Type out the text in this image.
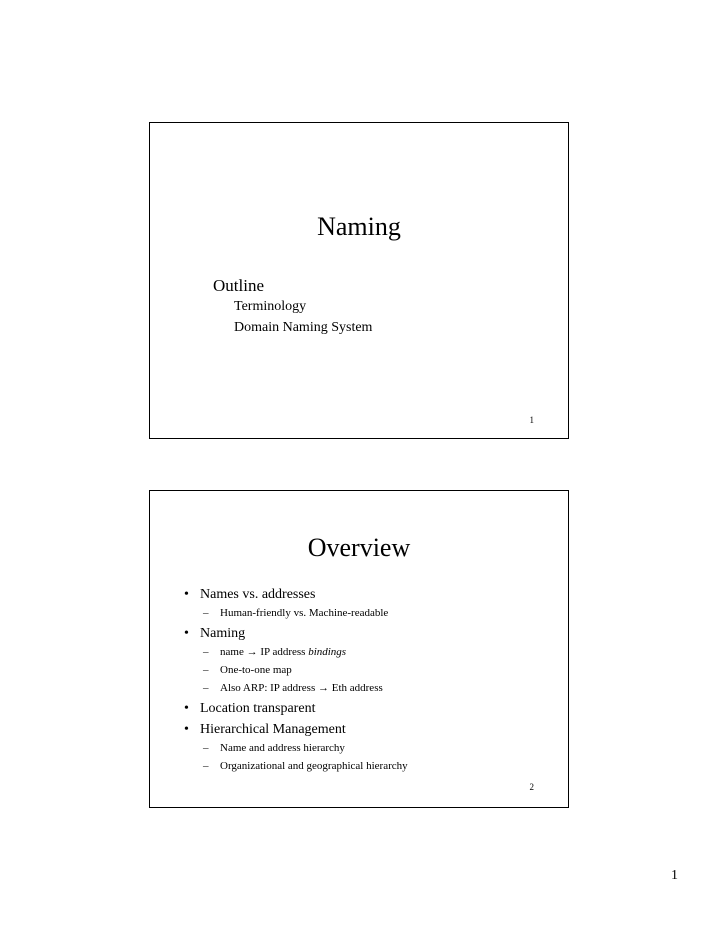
Naming
Outline
Terminology
Domain Naming System
1
Overview
• Names vs. addresses
– Human-friendly vs. Machine-readable
• Naming
– name → IP address bindings
– One-to-one map
– Also ARP: IP address → Eth address
• Location transparent
• Hierarchical Management
– Name and address hierarchy
– Organizational and geographical hierarchy
2
1
